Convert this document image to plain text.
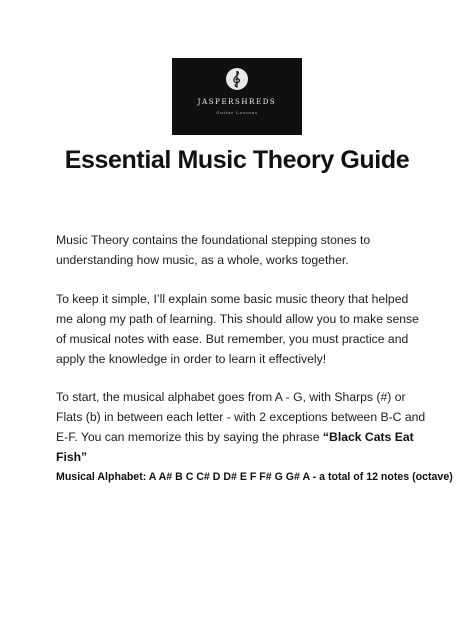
JASPERSHREDS
Guitar Lessons
Essential Music Theory Guide

Music Theory contains the foundational stepping stones to understanding how music, as a whole, works together.

To keep it simple, I’ll explain some basic music theory that helped me along my path of learning. This should allow you to make sense of musical notes with ease. But remember, you must practice and apply the knowledge in order to learn it effectively!

To start, the musical alphabet goes from A - G, with Sharps (#) or Flats (b) in between each letter - with 2 exceptions between B-C and E-F. You can memorize this by saying the phrase “Black Cats Eat Fish”

Musical Alphabet: A A# B C C# D D# E F F# G G# A - a total of 12 notes (octave)
